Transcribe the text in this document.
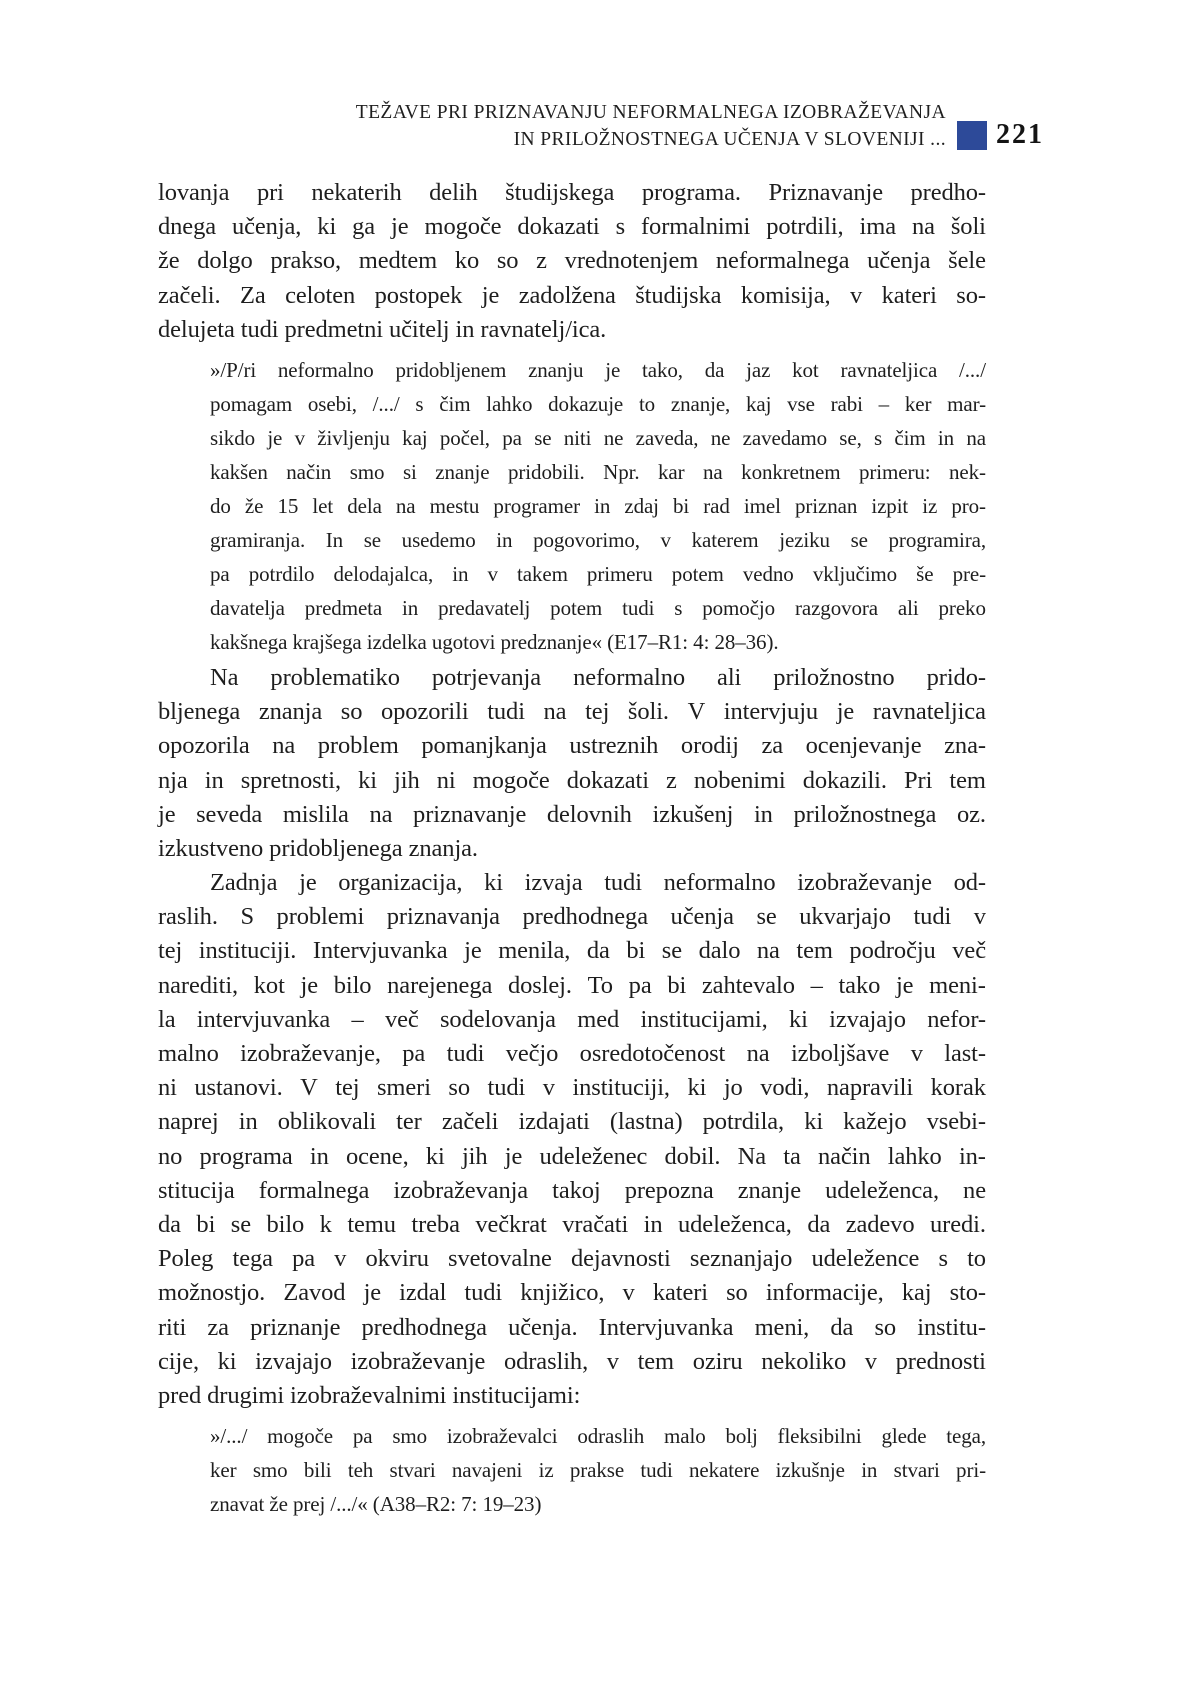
TEŽAVE PRI PRIZNAVANJU NEFORMALNEGA IZOBRAŽEVANJA
IN PRILOŽNOSTNEGA UČENJA V SLOVENIJI ... 221
lovanja pri nekaterih delih študijskega programa. Priznavanje predho-
dnega učenja, ki ga je mogoče dokazati s formalnimi potrdili, ima na šoli
že dolgo prakso, medtem ko so z vrednotenjem neformalnega učenja šele
začeli. Za celoten postopek je zadolžena študijska komisija, v kateri so-
delujeta tudi predmetni učitelj in ravnatelj/ica.
»/P/ri neformalno pridobljenem znanju je tako, da jaz kot ravnateljica /.../
pomagam osebi, /.../ s čim lahko dokazuje to znanje, kaj vse rabi – ker mar-
sikdo je v življenju kaj počel, pa se niti ne zaveda, ne zavedamo se, s čim in na
kakšen način smo si znanje pridobili. Npr. kar na konkretnem primeru: nek-
do že 15 let dela na mestu programer in zdaj bi rad imel priznan izpit iz pro-
gramiranja. In se usedemo in pogovorimo, v katerem jeziku se programira,
pa potrdilo delodajalca, in v takem primeru potem vedno vključimo še pre-
davatelja predmeta in predavatelj potem tudi s pomočjo razgovora ali preko
kakšnega krajšega izdelka ugotovi predznanje« (E17–R1: 4: 28–36).
Na problematiko potrjevanja neformalno ali priložnostno prido-
bljenega znanja so opozorili tudi na tej šoli. V intervjuju je ravnateljica
opozorila na problem pomanjkanja ustreznih orodij za ocenjevanje zna-
nja in spretnosti, ki jih ni mogoče dokazati z nobenimi dokazili. Pri tem
je seveda mislila na priznavanje delovnih izkušenj in priložnostnega oz.
izkustveno pridobljenega znanja.
Zadnja je organizacija, ki izvaja tudi neformalno izobraževanje od-
raslih. S problemi priznavanja predhodnega učenja se ukvarjajo tudi v
tej instituciji. Intervjuvanka je menila, da bi se dalo na tem področju več
narediti, kot je bilo narejenega doslej. To pa bi zahtevalo – tako je meni-
la intervjuvanka – več sodelovanja med institucijami, ki izvajajo nefor-
malno izobraževanje, pa tudi večjo osredotočenost na izboljšave v last-
ni ustanovi. V tej smeri so tudi v instituciji, ki jo vodi, napravili korak
naprej in oblikovali ter začeli izdajati (lastna) potrdila, ki kažejo vsebi-
no programa in ocene, ki jih je udeleženec dobil. Na ta način lahko in-
stitucija formalnega izobraževanja takoj prepozna znanje udeleženca, ne
da bi se bilo k temu treba večkrat vračati in udeleženca, da zadevo uredi.
Poleg tega pa v okviru svetovalne dejavnosti seznanjajo udeležence s to
možnostjo. Zavod je izdal tudi knjižico, v kateri so informacije, kaj sto-
riti za priznanje predhodnega učenja. Intervjuvanka meni, da so institu-
cije, ki izvajajo izobraževanje odraslih, v tem oziru nekoliko v prednosti
pred drugimi izobraževalnimi institucijami:
»/.../ mogoče pa smo izobraževalci odraslih malo bolj fleksibilni glede tega,
ker smo bili teh stvari navajeni iz prakse tudi nekatere izkušnje in stvari pri-
znavat že prej /.../« (A38–R2: 7: 19–23)
